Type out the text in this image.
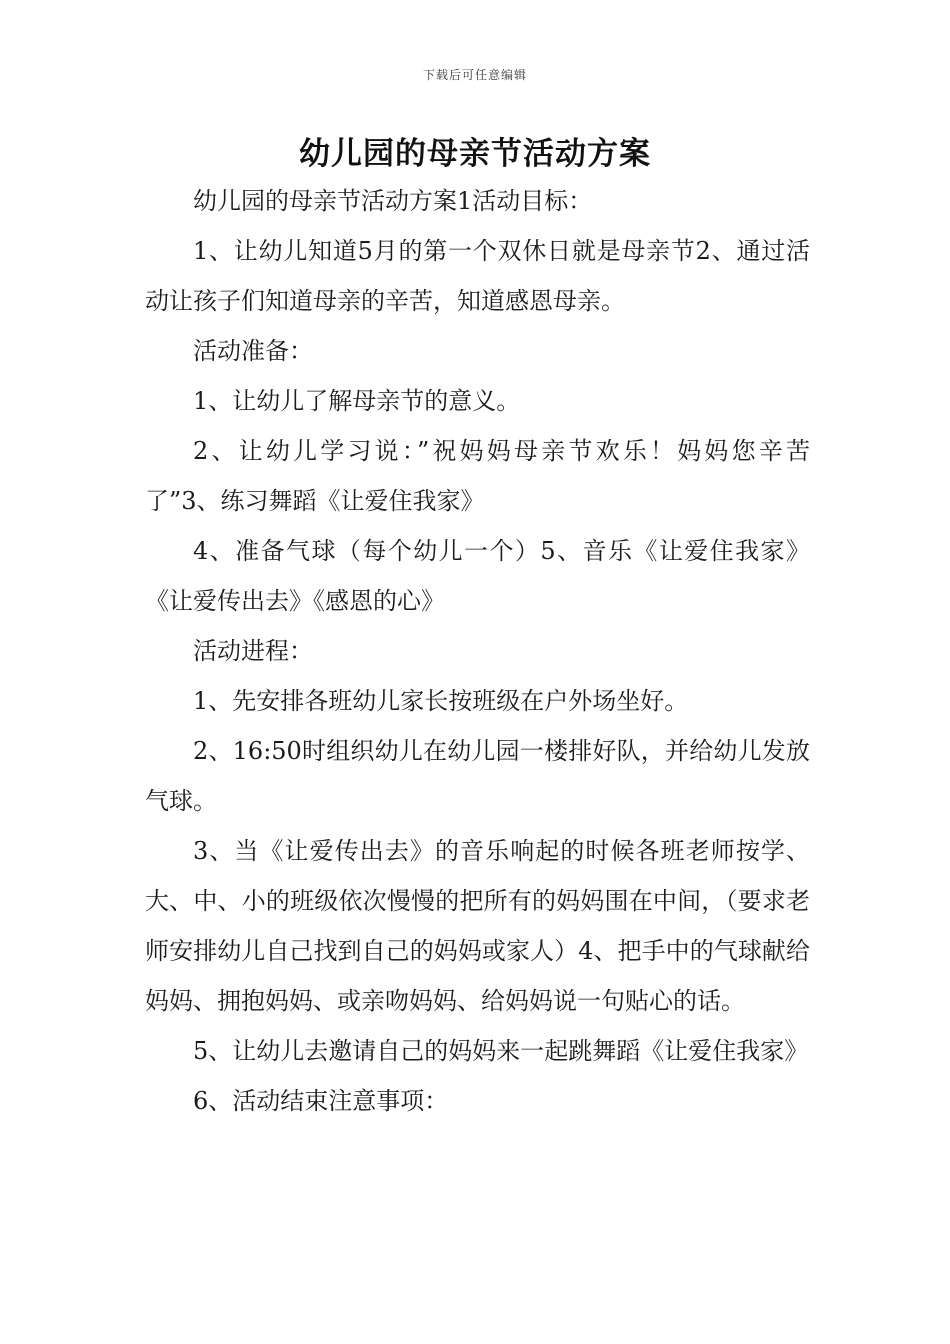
下载后可任意编辑
幼儿园的母亲节活动方案

幼儿园的母亲节活动方案1活动目标：

1、让幼儿知道5月的第一个双休日就是母亲节2、通过活动让孩子们知道母亲的辛苦，知道感恩母亲。

活动准备：

1、让幼儿了解母亲节的意义。

2、让幼儿学习说：”祝妈妈母亲节欢乐！妈妈您辛苦了”3、练习舞蹈《让爱住我家》

4、准备气球（每个幼儿一个）5、音乐《让爱住我家》《让爱传出去》《感恩的心》

活动进程：

1、先安排各班幼儿家长按班级在户外场坐好。

2、16:50时组织幼儿在幼儿园一楼排好队，并给幼儿发放气球。

3、当《让爱传出去》的音乐响起的时候各班老师按学、大、中、小的班级依次慢慢的把所有的妈妈围在中间，（要求老师安排幼儿自己找到自己的妈妈或家人）4、把手中的气球献给妈妈、拥抱妈妈、或亲吻妈妈、给妈妈说一句贴心的话。

5、让幼儿去邀请自己的妈妈来一起跳舞蹈《让爱住我家》

6、活动结束注意事项：
